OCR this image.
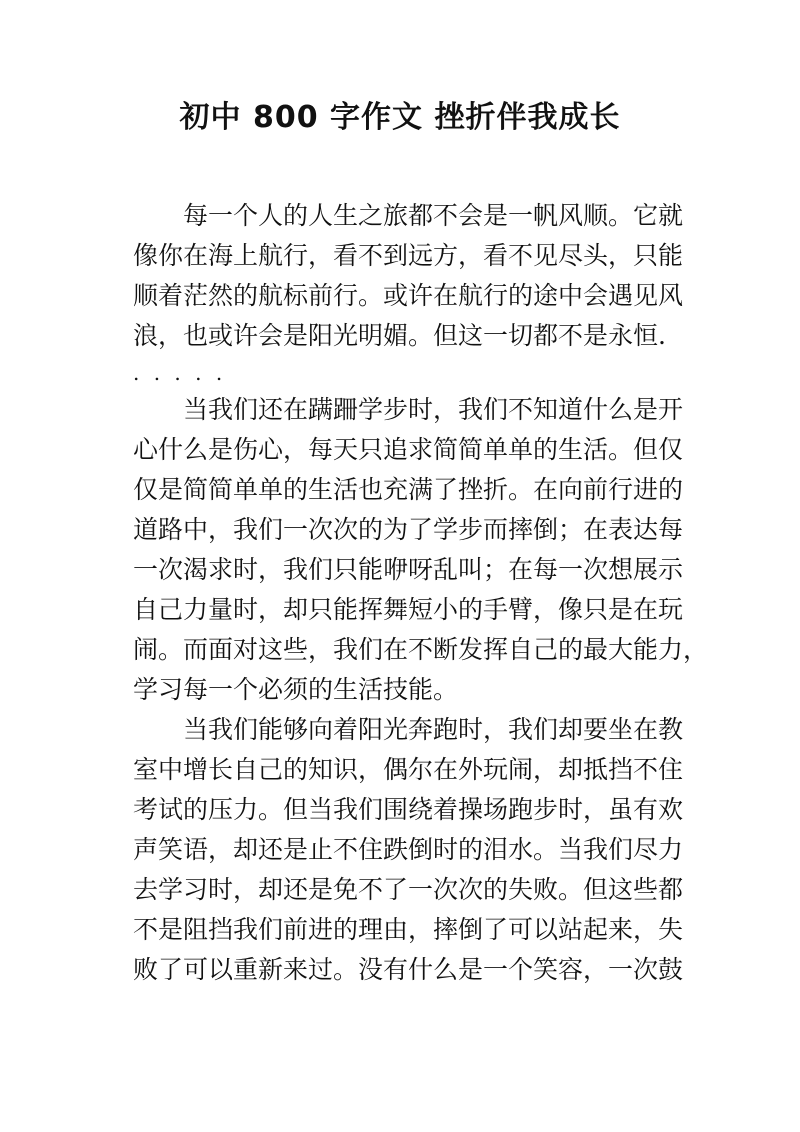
初中 800 字作文 挫折伴我成长
　　每一个人的人生之旅都不会是一帆风顺。它就
像你在海上航行，看不到远方，看不见尽头，只能
顺着茫然的航标前行。或许在航行的途中会遇见风
浪，也或许会是阳光明媚。但这一切都不是永恒.
. . . . .
　　当我们还在蹒跚学步时，我们不知道什么是开
心什么是伤心，每天只追求简简单单的生活。但仅
仅是简简单单的生活也充满了挫折。在向前行进的
道路中，我们一次次的为了学步而摔倒；在表达每
一次渴求时，我们只能咿呀乱叫；在每一次想展示
自己力量时，却只能挥舞短小的手臂，像只是在玩
闹。而面对这些，我们在不断发挥自己的最大能力，
学习每一个必须的生活技能。
　　当我们能够向着阳光奔跑时，我们却要坐在教
室中增长自己的知识，偶尔在外玩闹，却抵挡不住
考试的压力。但当我们围绕着操场跑步时，虽有欢
声笑语，却还是止不住跌倒时的泪水。当我们尽力
去学习时，却还是免不了一次次的失败。但这些都
不是阻挡我们前进的理由，摔倒了可以站起来，失
败了可以重新来过。没有什么是一个笑容，一次鼓
